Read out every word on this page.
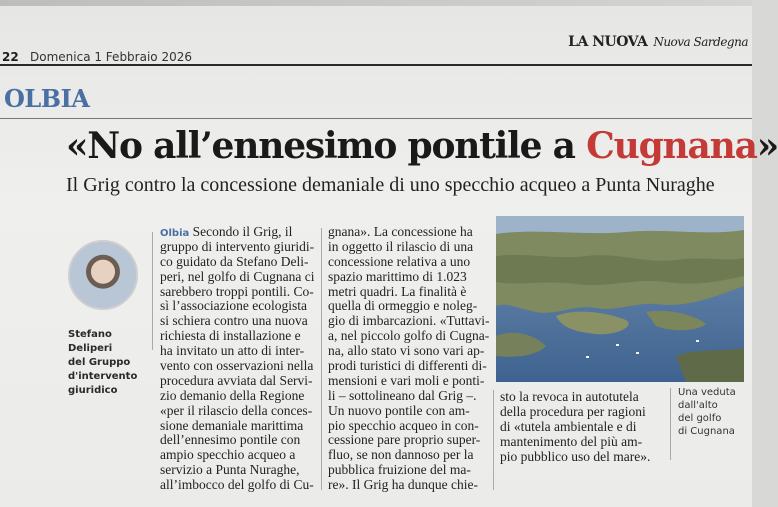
22 Domenica 1 Febbraio 2026
LA NUOVA Nuova Sardegna
OLBIA
«No all’ennesimo pontile a Cugnana»
Il Grig contro la concessione demaniale di uno specchio acqueo a Punta Nuraghe
Stefano
Deliperi
del Gruppo
d'intervento
giuridico
Olbia Secondo il Grig, il
gruppo di intervento giuridi-
co guidato da Stefano Deli-
peri, nel golfo di Cugnana ci
sarebbero troppi pontili. Co-
sì l’associazione ecologista
si schiera contro una nuova
richiesta di installazione e
ha invitato un atto di inter-
vento con osservazioni nella
procedura avviata dal Servi-
zio demanio della Regione
«per il rilascio della conces-
sione demaniale marittima
dell’ennesimo pontile con
ampio specchio acqueo a
servizio a Punta Nuraghe,
all’imbocco del golfo di Cu-
gnana». La concessione ha
in oggetto il rilascio di una
concessione relativa a uno
spazio marittimo di 1.023
metri quadri. La finalità è
quella di ormeggio e noleg-
gio di imbarcazioni. «Tuttavi-
a, nel piccolo golfo di Cugna-
na, allo stato vi sono vari ap-
prodi turistici di differenti di-
mensioni e vari moli e ponti-
li – sottolineano dal Grig –.
Un nuovo pontile con am-
pio specchio acqueo in con-
cessione pare proprio super-
fluo, se non dannoso per la
pubblica fruizione del ma-
re». Il Grig ha dunque chie-
sto la revoca in autotutela
della procedura per ragioni
di «tutela ambientale e di
mantenimento del più am-
pio pubblico uso del mare».
Una veduta
dall'alto
del golfo
di Cugnana
